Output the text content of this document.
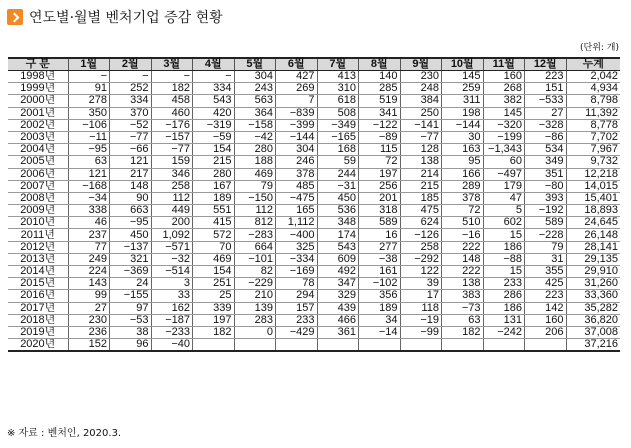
연도별·월별 벤처기업 증감 현황
(단위: 개)
구 분	1월	2월	3월	4월	5월	6월	7월	8월	9월	10월	11월	12월	누계
1998년	−	−	−	−	304	427	413	140	230	145	160	223	2,042
1999년	91	252	182	334	243	269	310	285	248	259	268	151	4,934
2000년	278	334	458	543	563	7	618	519	384	311	382	−533	8,798
2001년	350	370	460	420	364	−839	508	341	250	198	145	27	11,392
2002년	−106	−52	−176	−319	−158	−399	−349	−122	−141	−144	−320	−328	8,778
2003년	−11	−77	−157	−59	−42	−144	−165	−89	−77	30	−199	−86	7,702
2004년	−95	−66	−77	154	280	304	168	115	128	163	−1,343	534	7,967
2005년	63	121	159	215	188	246	59	72	138	95	60	349	9,732
2006년	121	217	346	280	469	378	244	197	214	166	−497	351	12,218
2007년	−168	148	258	167	79	485	−31	256	215	289	179	−80	14,015
2008년	−34	90	112	189	−150	−475	450	201	185	378	47	393	15,401
2009년	338	663	449	551	112	165	536	318	475	72	5	−192	18,893
2010년	46	−95	200	415	812	1,112	348	589	624	510	602	589	24,645
2011년	237	450	1,092	572	−283	−400	174	16	−126	−16	15	−228	26,148
2012년	77	−137	−571	70	664	325	543	277	258	222	186	79	28,141
2013년	249	321	−32	469	−101	−334	609	−38	−292	148	−88	31	29,135
2014년	224	−369	−514	154	82	−169	492	161	122	222	15	355	29,910
2015년	143	24	3	251	−229	78	347	−102	39	138	233	425	31,260
2016년	99	−155	33	25	210	294	329	356	17	383	286	223	33,360
2017년	27	97	162	339	139	157	439	189	118	−73	186	142	35,282
2018년	230	−53	−187	197	283	233	466	34	−19	63	131	160	36,820
2019년	236	38	−233	182	0	−429	361	−14	−99	182	−242	206	37,008
2020년	152	96	−40										37,216
※ 자료 : 벤처인, 2020.3.
